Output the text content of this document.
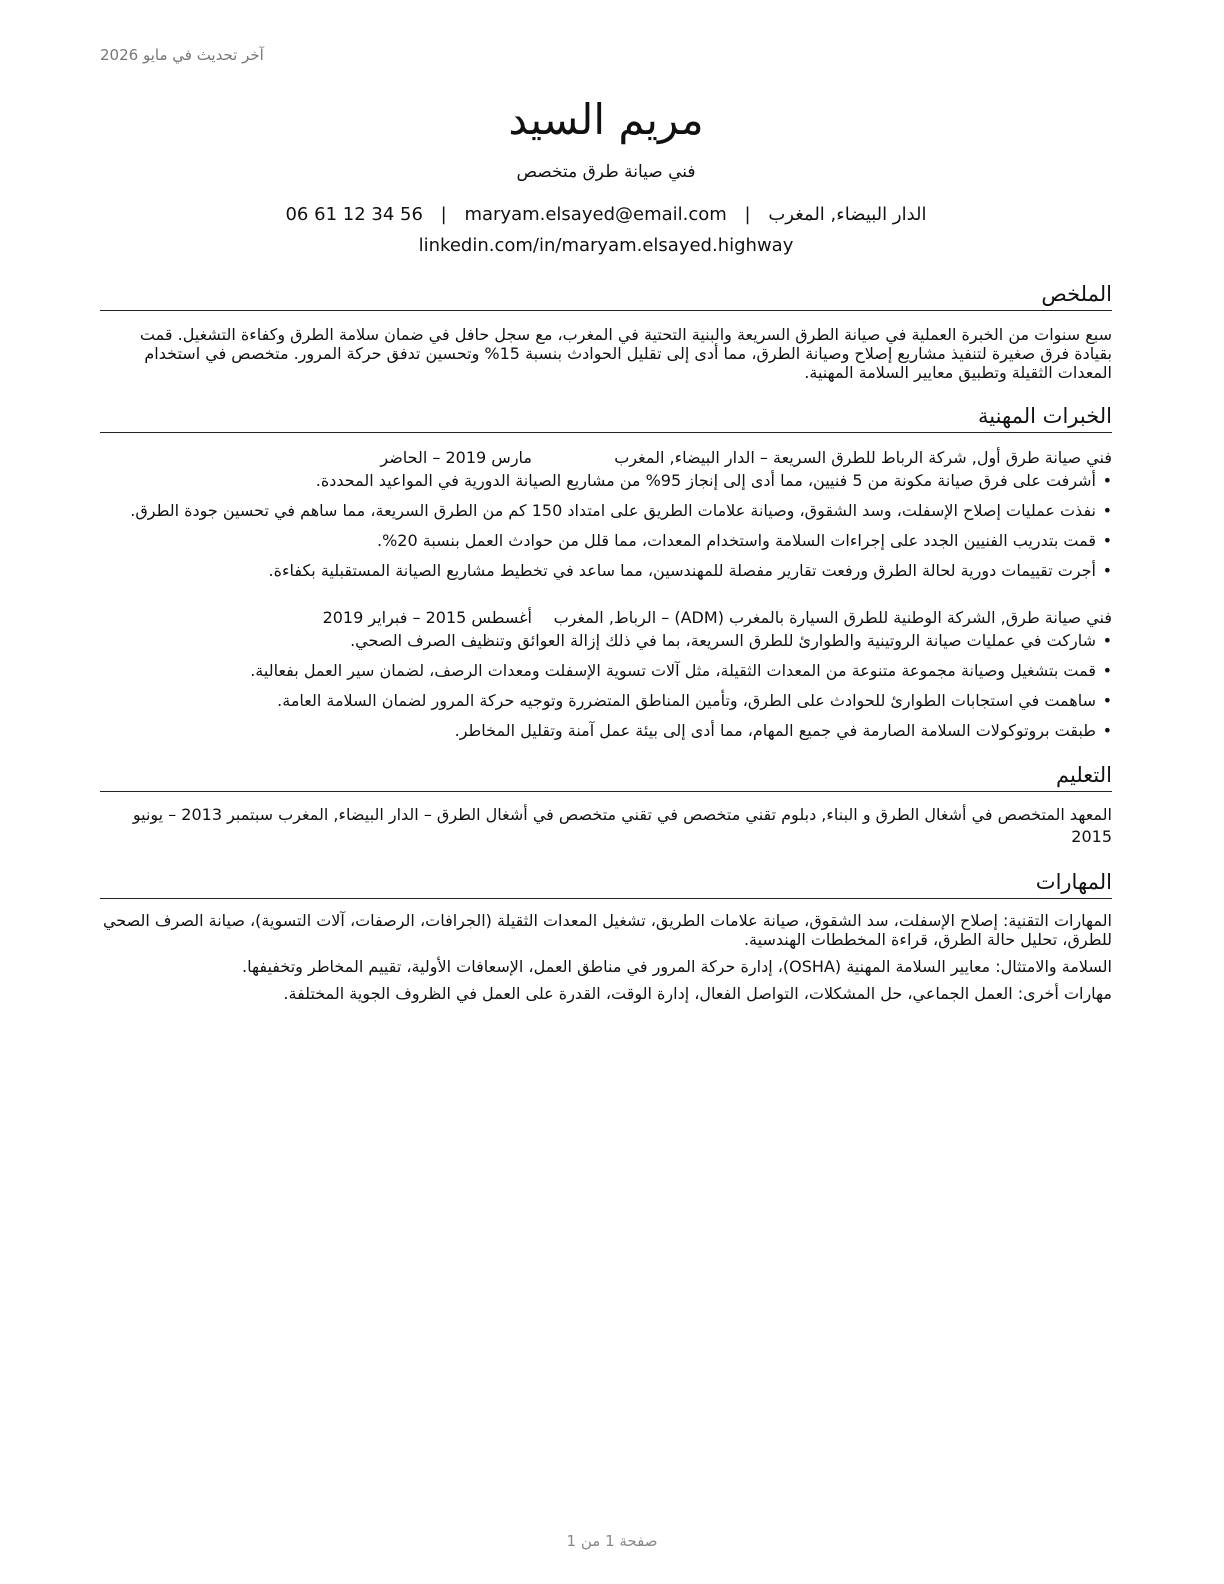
آخر تحديث في مايو 2026
مريم السيد
فني صيانة طرق متخصص
الدار البيضاء, المغرب | maryam.elsayed@email.com | 06 61 12 34 56
linkedin.com/in/maryam.elsayed.highway
الملخص
سبع سنوات من الخبرة العملية في صيانة الطرق السريعة والبنية التحتية في المغرب، مع سجل حافل في ضمان سلامة الطرق وكفاءة التشغيل. قمت بقيادة فرق صغيرة لتنفيذ مشاريع إصلاح وصيانة الطرق، مما أدى إلى تقليل الحوادث بنسبة 15% وتحسين تدفق حركة المرور. متخصص في استخدام المعدات الثقيلة وتطبيق معايير السلامة المهنية.
الخبرات المهنية
فني صيانة طرق أول, شركة الرباط للطرق السريعة – الدار البيضاء, المغرب
مارس 2019 – الحاضر
• أشرفت على فرق صيانة مكونة من 5 فنيين، مما أدى إلى إنجاز 95% من مشاريع الصيانة الدورية في المواعيد المحددة.
• نفذت عمليات إصلاح الإسفلت، وسد الشقوق، وصيانة علامات الطريق على امتداد 150 كم من الطرق السريعة، مما ساهم في تحسين جودة الطرق.
• قمت بتدريب الفنيين الجدد على إجراءات السلامة واستخدام المعدات، مما قلل من حوادث العمل بنسبة 20%.
• أجرت تقييمات دورية لحالة الطرق ورفعت تقارير مفصلة للمهندسين، مما ساعد في تخطيط مشاريع الصيانة المستقبلية بكفاءة.
فني صيانة طرق, الشركة الوطنية للطرق السيارة بالمغرب (ADM) – الرباط, المغرب
أغسطس 2015 – فبراير 2019
• شاركت في عمليات صيانة الروتينية والطوارئ للطرق السريعة، بما في ذلك إزالة العوائق وتنظيف الصرف الصحي.
• قمت بتشغيل وصيانة مجموعة متنوعة من المعدات الثقيلة، مثل آلات تسوية الإسفلت ومعدات الرصف، لضمان سير العمل بفعالية.
• ساهمت في استجابات الطوارئ للحوادث على الطرق، وتأمين المناطق المتضررة وتوجيه حركة المرور لضمان السلامة العامة.
• طبقت بروتوكولات السلامة الصارمة في جميع المهام، مما أدى إلى بيئة عمل آمنة وتقليل المخاطر.
التعليم
المعهد المتخصص في أشغال الطرق و البناء, دبلوم تقني متخصص في تقني متخصص في أشغال الطرق – الدار البيضاء, المغرب سبتمبر 2013 – يونيو 2015
المهارات
المهارات التقنية: إصلاح الإسفلت، سد الشقوق، صيانة علامات الطريق، تشغيل المعدات الثقيلة (الجرافات، الرصفات، آلات التسوية)، صيانة الصرف الصحي للطرق، تحليل حالة الطرق، قراءة المخططات الهندسية.
السلامة والامتثال: معايير السلامة المهنية (OSHA)، إدارة حركة المرور في مناطق العمل، الإسعافات الأولية، تقييم المخاطر وتخفيفها.
مهارات أخرى: العمل الجماعي، حل المشكلات، التواصل الفعال، إدارة الوقت، القدرة على العمل في الظروف الجوية المختلفة.
صفحة 1 من 1
